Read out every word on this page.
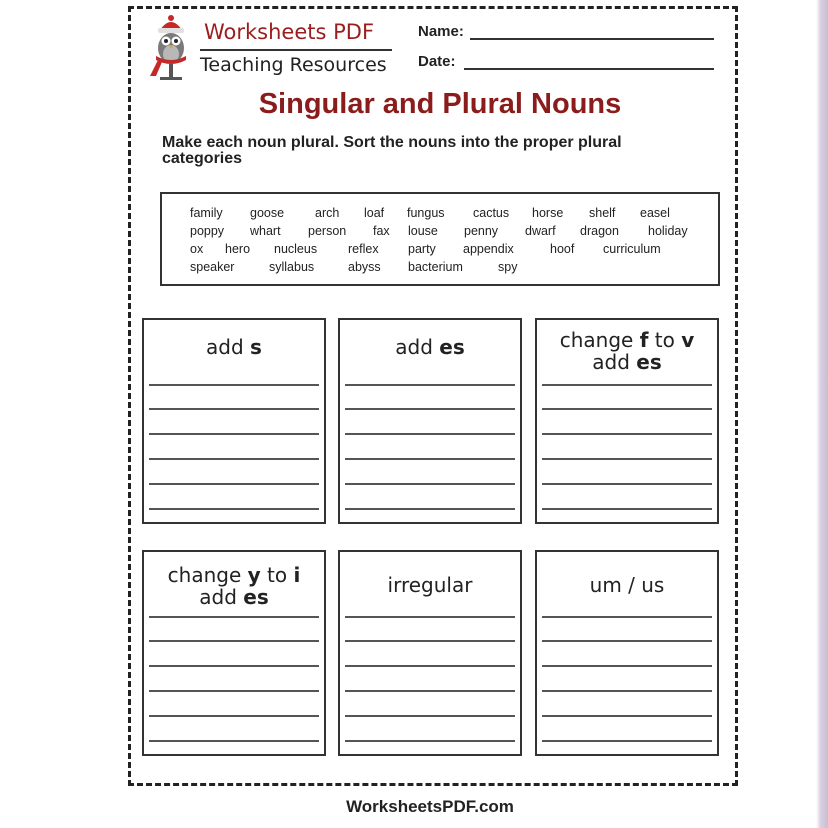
Worksheets PDF
Teaching Resources
Name:
Date:
Singular and Plural Nouns
Make each noun plural. Sort the nouns into the proper plural categories
family goose arch loaf fungus cactus horse shelf easel
poppy whart person fax louse penny dwarf dragon holiday
ox hero nucleus reflex party appendix	hoof curriculum
speaker	syllabus	abyss bacterium	spy
add s	add es	change f to v
add es
change y to i
add es	irregular	um / us
WorksheetsPDF.com
